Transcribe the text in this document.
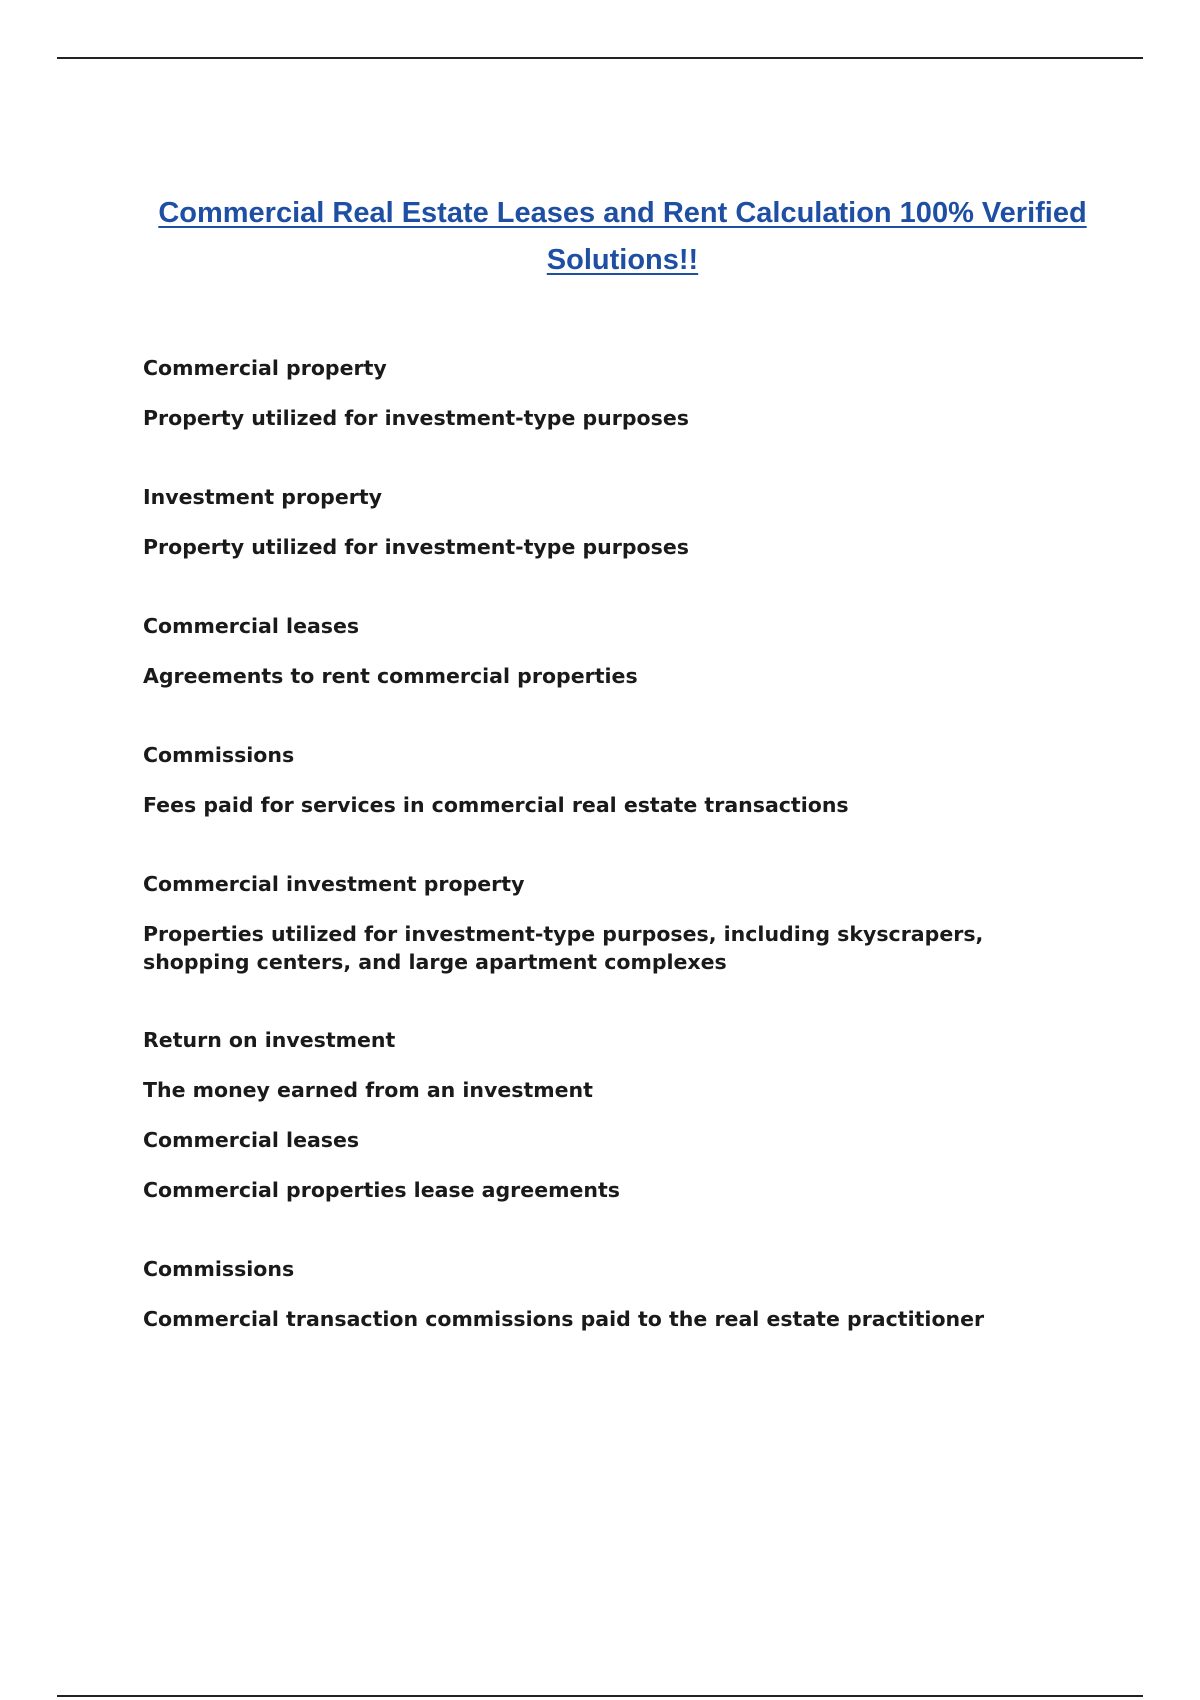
Commercial Real Estate Leases and Rent Calculation 100% Verified Solutions!!

Commercial property

Property utilized for investment-type purposes

Investment property

Property utilized for investment-type purposes

Commercial leases

Agreements to rent commercial properties

Commissions

Fees paid for services in commercial real estate transactions

Commercial investment property

Properties utilized for investment-type purposes, including skyscrapers, shopping centers, and large apartment complexes

Return on investment

The money earned from an investment

Commercial leases

Commercial properties lease agreements

Commissions

Commercial transaction commissions paid to the real estate practitioner
